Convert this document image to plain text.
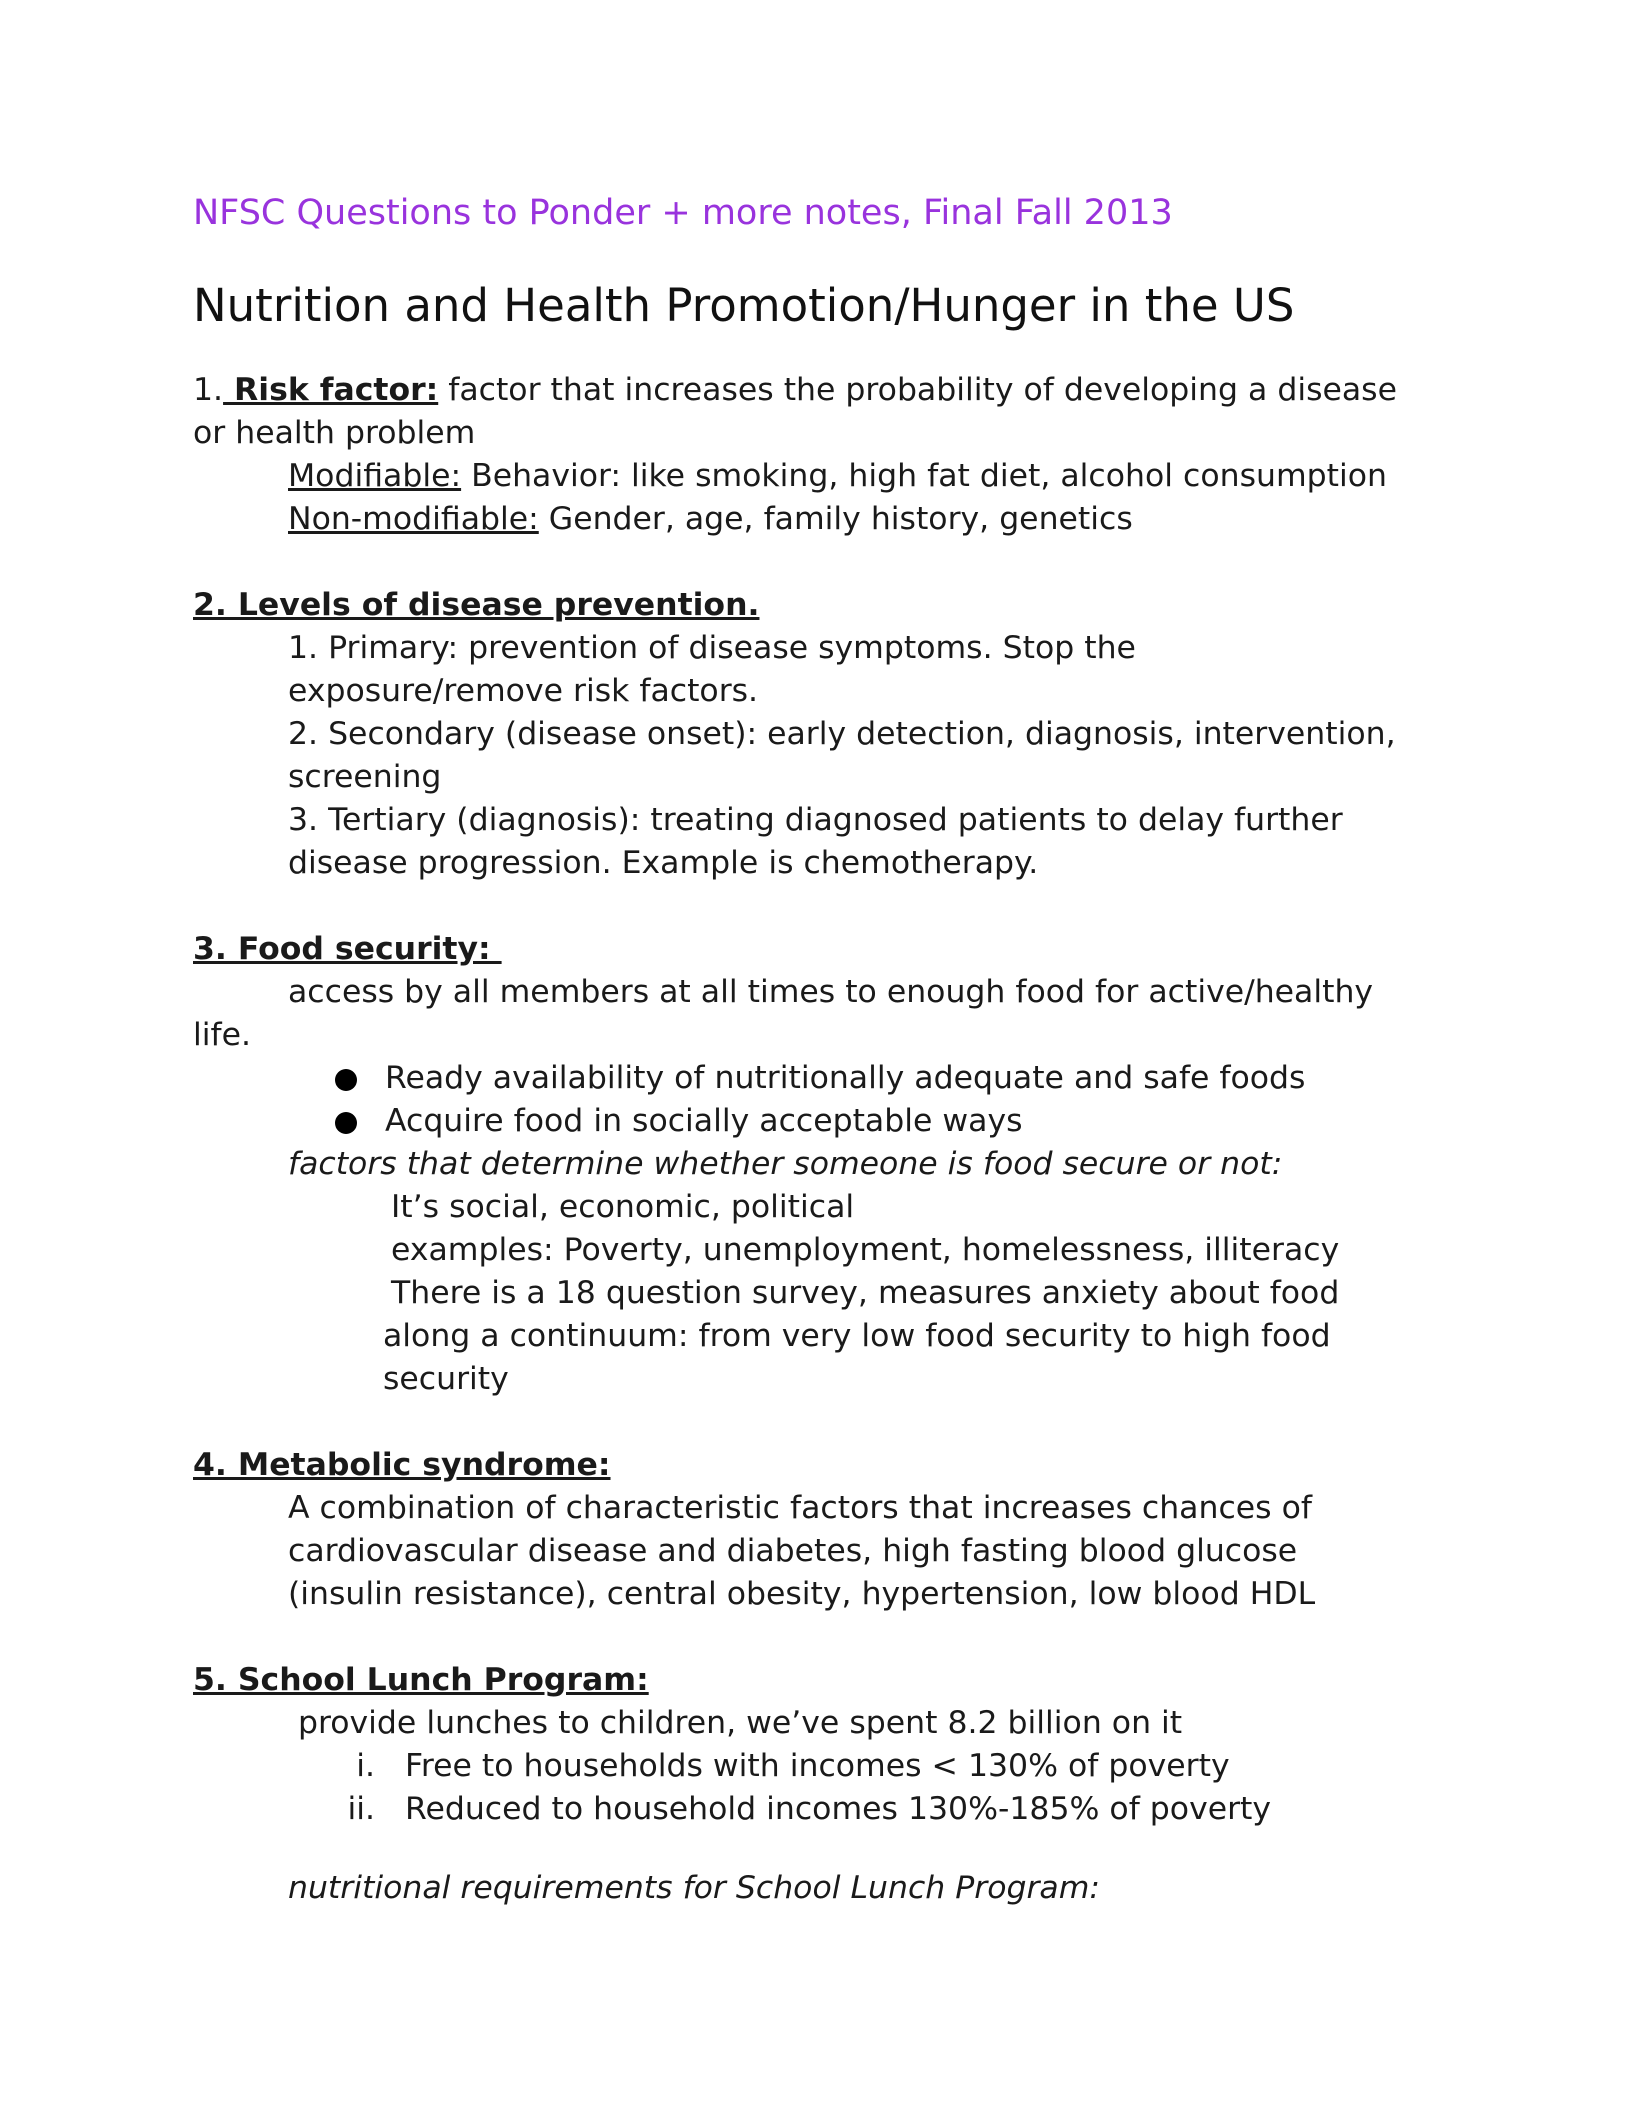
NFSC Questions to Ponder + more notes, Final Fall 2013
Nutrition and Health Promotion/Hunger in the US

1. Risk factor: factor that increases the probability of developing a disease

or health problem

Modifiable: Behavior: like smoking, high fat diet, alcohol consumption

Non-modifiable: Gender, age, family history, genetics

2. Levels of disease prevention.

1. Primary: prevention of disease symptoms. Stop the

exposure/remove risk factors.

2. Secondary (disease onset): early detection, diagnosis, intervention,

screening

3. Tertiary (diagnosis): treating diagnosed patients to delay further

disease progression. Example is chemotherapy.

3. Food security:

access by all members at all times to enough food for active/healthy

life.

Ready availability of nutritionally adequate and safe foods
Acquire food in socially acceptable ways

factors that determine whether someone is food secure or not:

It’s social, economic, political

examples: Poverty, unemployment, homelessness, illiteracy

There is a 18 question survey, measures anxiety about food

along a continuum: from very low food security to high food

security

4. Metabolic syndrome:

A combination of characteristic factors that increases chances of

cardiovascular disease and diabetes, high fasting blood glucose

(insulin resistance), central obesity, hypertension, low blood HDL

5. School Lunch Program:

provide lunches to children, we’ve spent 8.2 billion on it

i. Free to households with incomes < 130% of poverty
ii. Reduced to household incomes 130%-185% of poverty

nutritional requirements for School Lunch Program:
